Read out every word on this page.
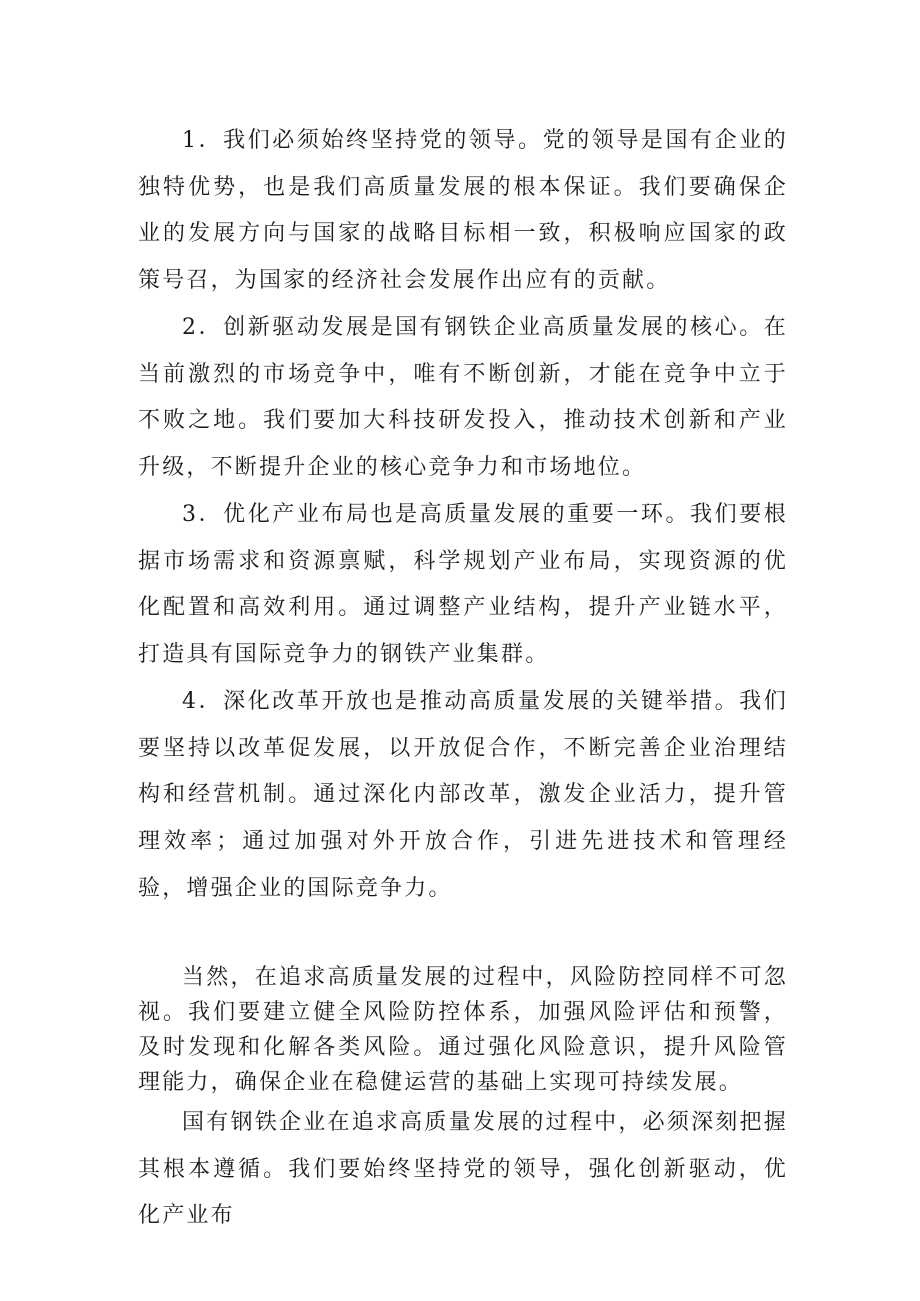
1．我们必须始终坚持党的领导。党的领导是国有企业的独特优势，也是我们高质量发展的根本保证。我们要确保企业的发展方向与国家的战略目标相一致，积极响应国家的政策号召，为国家的经济社会发展作出应有的贡献。

2．创新驱动发展是国有钢铁企业高质量发展的核心。在当前激烈的市场竞争中，唯有不断创新，才能在竞争中立于不败之地。我们要加大科技研发投入，推动技术创新和产业升级，不断提升企业的核心竞争力和市场地位。

3．优化产业布局也是高质量发展的重要一环。我们要根据市场需求和资源禀赋，科学规划产业布局，实现资源的优化配置和高效利用。通过调整产业结构，提升产业链水平，打造具有国际竞争力的钢铁产业集群。

4．深化改革开放也是推动高质量发展的关键举措。我们要坚持以改革促发展，以开放促合作，不断完善企业治理结构和经营机制。通过深化内部改革，激发企业活力，提升管理效率；通过加强对外开放合作，引进先进技术和管理经验，增强企业的国际竞争力。

当然，在追求高质量发展的过程中，风险防控同样不可忽视。我们要建立健全风险防控体系，加强风险评估和预警，及时发现和化解各类风险。通过强化风险意识，提升风险管理能力，确保企业在稳健运营的基础上实现可持续发展。

国有钢铁企业在追求高质量发展的过程中，必须深刻把握其根本遵循。我们要始终坚持党的领导，强化创新驱动，优化产业布
